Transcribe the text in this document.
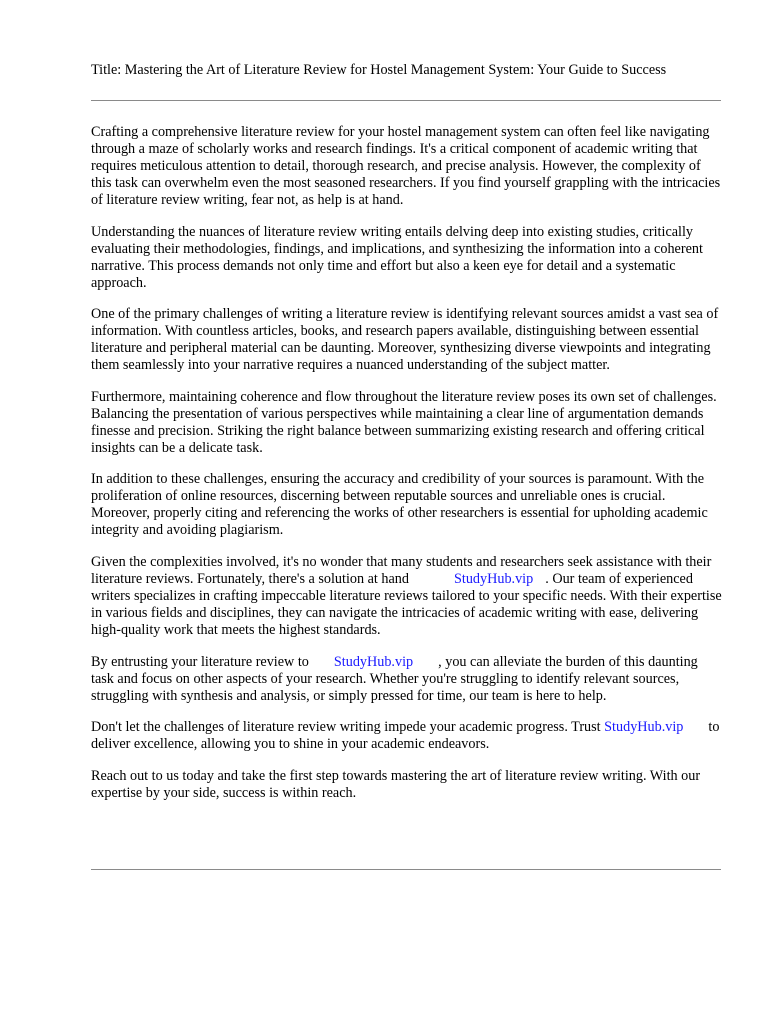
Title: Mastering the Art of Literature Review for Hostel Management System: Your Guide to Success

Crafting a comprehensive literature review for your hostel management system can often feel like navigating through a maze of scholarly works and research findings. It's a critical component of academic writing that requires meticulous attention to detail, thorough research, and precise analysis. However, the complexity of this task can overwhelm even the most seasoned researchers. If you find yourself grappling with the intricacies of literature review writing, fear not, as help is at hand.

Understanding the nuances of literature review writing entails delving deep into existing studies, critically evaluating their methodologies, findings, and implications, and synthesizing the information into a coherent narrative. This process demands not only time and effort but also a keen eye for detail and a systematic approach.

One of the primary challenges of writing a literature review is identifying relevant sources amidst a vast sea of information. With countless articles, books, and research papers available, distinguishing between essential literature and peripheral material can be daunting. Moreover, synthesizing diverse viewpoints and integrating them seamlessly into your narrative requires a nuanced understanding of the subject matter.

Furthermore, maintaining coherence and flow throughout the literature review poses its own set of challenges. Balancing the presentation of various perspectives while maintaining a clear line of argumentation demands finesse and precision. Striking the right balance between summarizing existing research and offering critical insights can be a delicate task.

In addition to these challenges, ensuring the accuracy and credibility of your sources is paramount. With the proliferation of online resources, discerning between reputable sources and unreliable ones is crucial. Moreover, properly citing and referencing the works of other researchers is essential for upholding academic integrity and avoiding plagiarism.

Given the complexities involved, it's no wonder that many students and researchers seek assistance with their literature reviews. Fortunately, there's a solution at hand	StudyHub.vip . Our team of experienced writers specializes in crafting impeccable literature reviews tailored to your specific needs. With their expertise in various fields and disciplines, they can navigate the intricacies of academic writing with ease, delivering high-quality work that meets the highest standards.

By entrusting your literature review to StudyHub.vip , you can alleviate the burden of this daunting task and focus on other aspects of your research. Whether you're struggling to identify relevant sources, struggling with synthesis and analysis, or simply pressed for time, our team is here to help.

Don't let the challenges of literature review writing impede your academic progress. Trust StudyHub.vip to deliver excellence, allowing you to shine in your academic endeavors.

Reach out to us today and take the first step towards mastering the art of literature review writing. With our expertise by your side, success is within reach.
